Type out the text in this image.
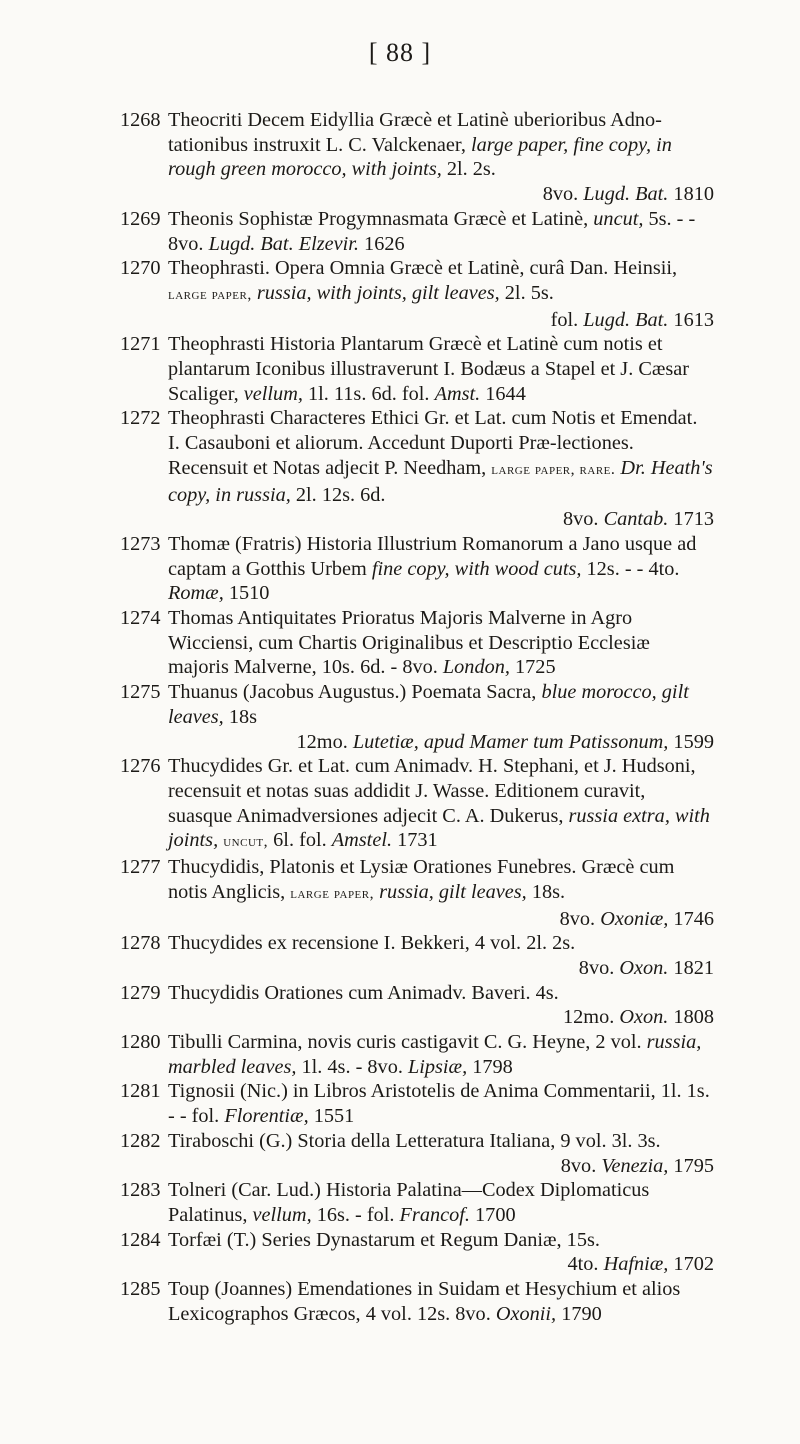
[ 88 ]
1268 Theocriti Decem Eidyllia Græcè et Latinè uberioribus Adno-tationibus instruxit L. C. Valckenaer, large paper, fine copy, in rough green morocco, with joints, 2l. 2s.
8vo. Lugd. Bat. 1810
1269 Theonis Sophistæ Progymnasmata Græcè et Latinè, uncut, 5s. - - 8vo. Lugd. Bat. Elzevir. 1626
1270 Theophrasti. Opera Omnia Græcè et Latinè, curâ Dan. Heinsii, large paper, russia, with joints, gilt leaves, 2l. 5s.
fol. Lugd. Bat. 1613
1271 Theophrasti Historia Plantarum Græcè et Latinè cum notis et plantarum Iconibus illustraverunt I. Bodæus a Stapel et J. Cæsar Scaliger, vellum, 1l. 11s. 6d. fol. Amst. 1644
1272 Theophrasti Characteres Ethici Gr. et Lat. cum Notis et Emendat. I. Casauboni et aliorum. Accedunt Duporti Præ-lectiones. Recensuit et Notas adjecit P. Needham, large paper, rare. Dr. Heath's copy, in russia, 2l. 12s. 6d.
8vo. Cantab. 1713
1273 Thomæ (Fratris) Historia Illustrium Romanorum a Jano usque ad captam a Gotthis Urbem fine copy, with wood cuts, 12s. - - 4to. Romæ, 1510
1274 Thomas Antiquitates Prioratus Majoris Malverne in Agro Wicciensi, cum Chartis Originalibus et Descriptio Ecclesiæ majoris Malverne, 10s. 6d. - 8vo. London, 1725
1275 Thuanus (Jacobus Augustus.) Poemata Sacra, blue morocco, gilt leaves, 18s
12mo. Lutetiæ, apud Mamer tum Patissonum, 1599
1276 Thucydides Gr. et Lat. cum Animadv. H. Stephani, et J. Hudsoni, recensuit et notas suas addidit J. Wasse. Editionem curavit, suasque Animadversiones adjecit C. A. Dukerus, russia extra, with joints, uncut, 6l. fol. Amstel. 1731
1277 Thucydidis, Platonis et Lysiæ Orationes Funebres. Græcè cum notis Anglicis, large paper, russia, gilt leaves, 18s.
8vo. Oxoniæ, 1746
1278 Thucydides ex recensione I. Bekkeri, 4 vol. 2l. 2s.
8vo. Oxon. 1821
1279 Thucydidis Orationes cum Animadv. Baveri. 4s.
12mo. Oxon. 1808
1280 Tibulli Carmina, novis curis castigavit C. G. Heyne, 2 vol. russia, marbled leaves, 1l. 4s. - 8vo. Lipsiæ, 1798
1281 Tignosii (Nic.) in Libros Aristotelis de Anima Commentarii, 1l. 1s. - - fol. Florentiæ, 1551
1282 Tiraboschi (G.) Storia della Letteratura Italiana, 9 vol. 3l. 3s.
8vo. Venezia, 1795
1283 Tolneri (Car. Lud.) Historia Palatina—Codex Diplomaticus Palatinus, vellum, 16s. - fol. Francof. 1700
1284 Torfæi (T.) Series Dynastarum et Regum Daniæ, 15s.
4to. Hafniæ, 1702
1285 Toup (Joannes) Emendationes in Suidam et Hesychium et alios Lexicographos Græcos, 4 vol. 12s. 8vo. Oxonii, 1790
